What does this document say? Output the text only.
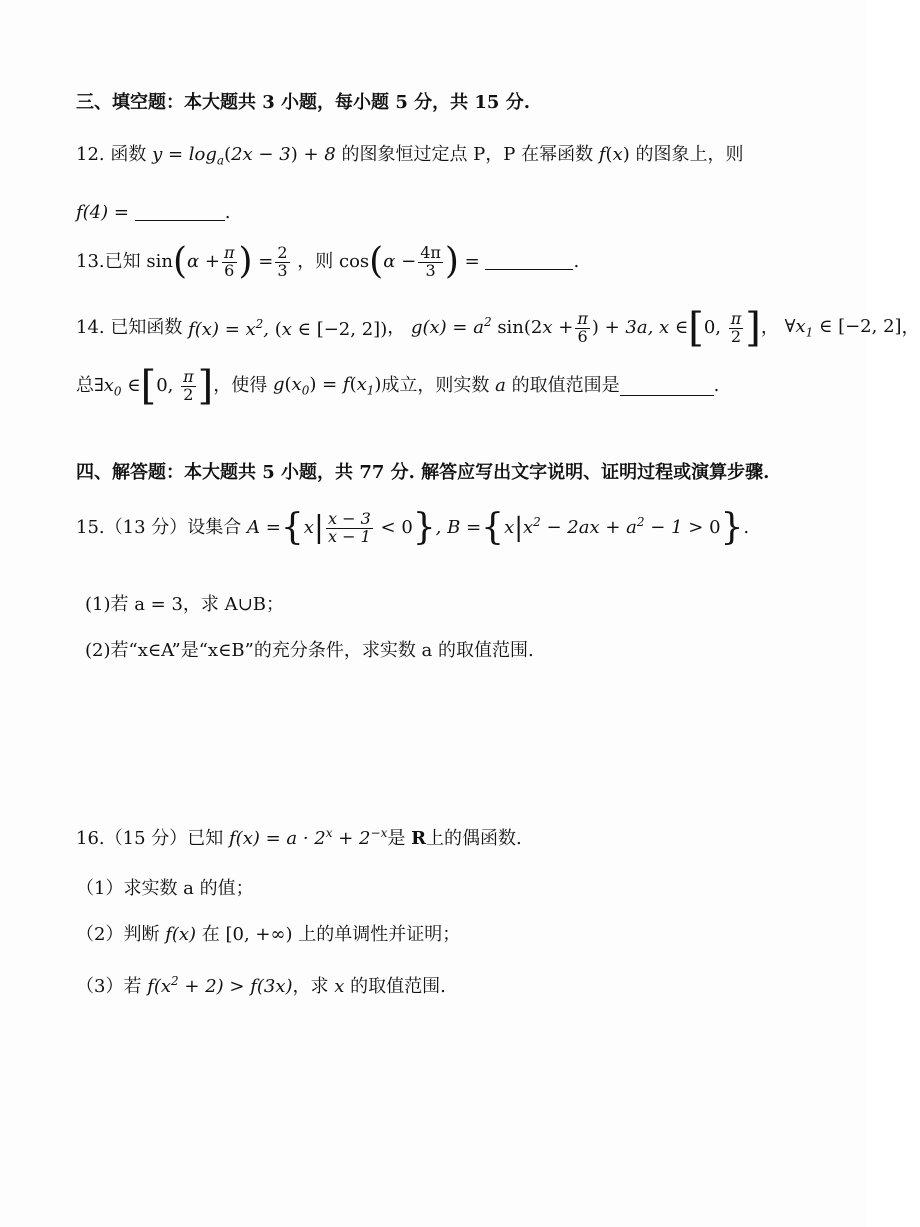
三、填空题：本大题共 3 小题，每小题 5 分，共 15 分.
12. 函数 $y = \log_a(2x - 3) + 8$ 的图象恒过定点 P，P 在幂函数 f(x) 的图象上，则
f(4) =	.
13.已知 $\sin(\alpha + \frac{\pi}{6}$ ) = $\frac{2}{3}$ ，则 $\cos(\alpha - \frac{4\pi}{3}$ ) =	.
14. 已知函数 $f(x) = x^2$, (x ∈ [−2, 2])， $g(x) = a^2$ $\sin(2x + \frac{\pi}{6}$ ) + 3a, x ∈[0, $\frac{\pi}{2}$ ]， $\forall x_1$ ∈ [−2, 2]，
总$\exists x_0$ ∈[0, $\frac{\pi}{2}$ ]，使得 $g(x_0) = f(x_1)$成立，则实数 a 的取值范围是	.
四、解答题：本大题共 5 小题，共 77 分. 解答应写出文字说明、证明过程或演算步骤.
15.（13 分）设集合 $A =\{x| \frac{x - 3}{x - 1} < 0\}$, $B =\{x|x^2 - 2ax + a^2 - 1 > 0\}$.
(1)若 a = 3，求 A∪B；
(2)若“x∈A”是“x∈B”的充分条件，求实数 a 的取值范围.
16.（15 分）已知 $f(x) = a \cdot 2^x + 2^{-x}$是 R上的偶函数.
（1）求实数 a 的值；
（2）判断 f(x) 在 [0, +∞) 上的单调性并证明；
（3）若 $f(x^2 + 2) > f(3x)$，求 x 的取值范围.
